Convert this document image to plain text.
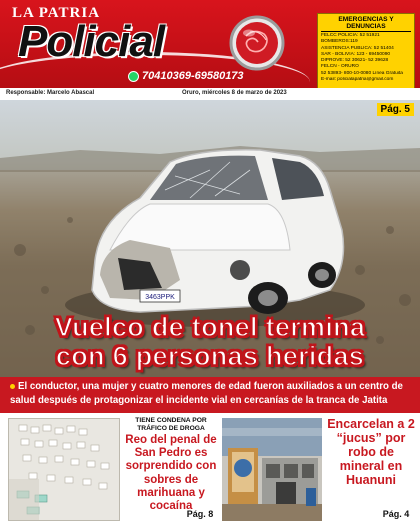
LA PATRIA
Policial
70410369-69580173
EMERGENCIAS Y DENUNCIAS
FELCC POLICÍA: 52 51921
BOMBEROS:119
ASISTENCIA PÚBLICA: 52 51404
SAR - BOLIVIA: 123 - 69450090
DIPROVE: 52 30621- 52 39628
FELCN - ORURO
52 53893- 800-10-0080 Línea Gratuita
E-mail: policialapatria@gmail.com
Responsable: Marcelo Abascal	Oruro, miércoles 8 de marzo de 2023
3463PPK
Pág. 5
Vuelco de tonel termina
con 6 personas heridas

El conductor, una mujer y cuatro menores de edad fueron auxiliados a un centro de salud después de protagonizar el incidente vial en cercanías de la tranca de Jatita

TIENE CONDENA POR TRÁFICO DE DROGA
Reo del penal de San Pedro es sorprendido con sobres de marihuana y cocaína
Pág. 8
Encarcelan a 2 “jucus” por robo de mineral en Huanuni
Pág. 4
